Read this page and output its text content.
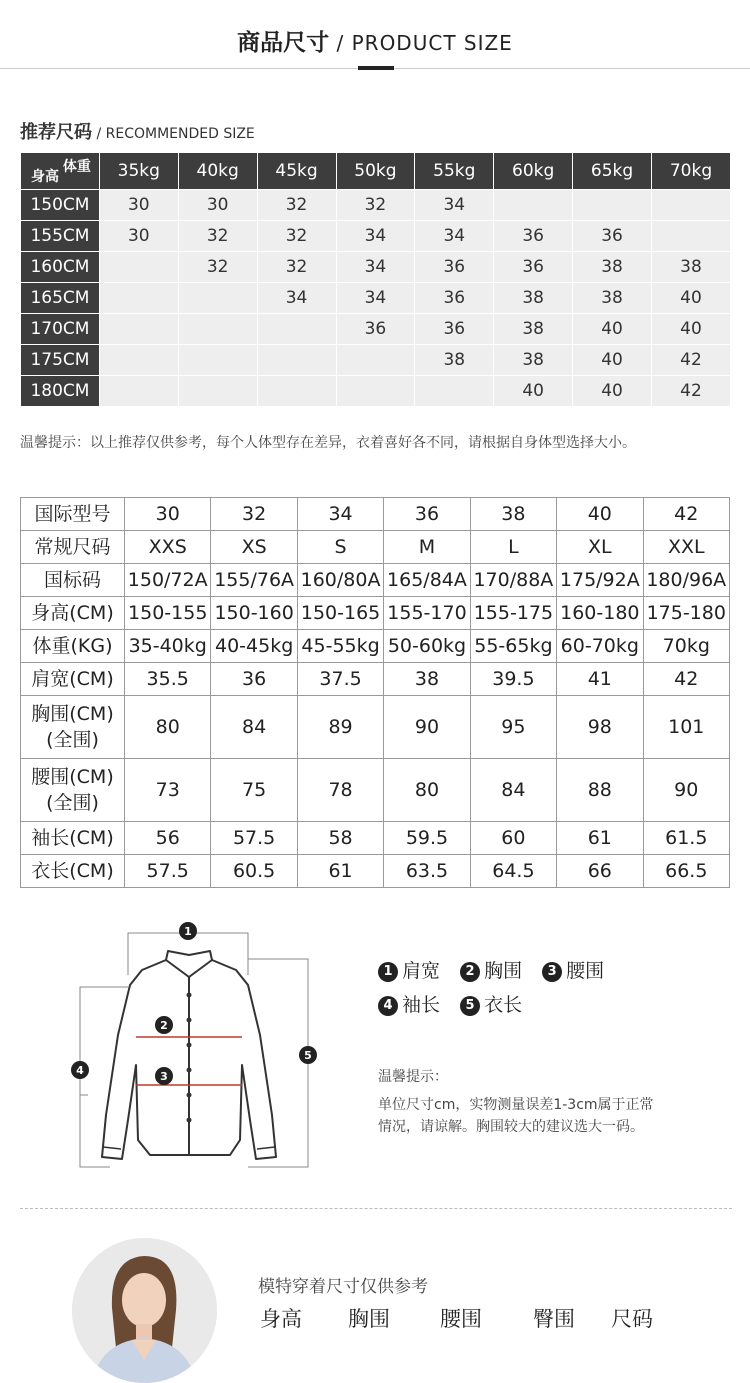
商品尺寸 / PRODUCT SIZE
推荐尺码 / RECOMMENDED SIZE
体重
身高	35kg	40kg	45kg	50kg	55kg	60kg	65kg	70kg
150CM	30	30	32	32	34			
155CM	30	32	32	34	34	36	36	
160CM		32	32	34	36	36	38	38
165CM			34	34	36	38	38	40
170CM				36	36	38	40	40
175CM					38	38	40	42
180CM						40	40	42
温馨提示：以上推荐仅供参考，每个人体型存在差异，衣着喜好各不同，请根据自身体型选择大小。
国际型号	30	32	34	36	38	40	42
常规尺码	XXS	XS	S	M	L	XL	XXL
国标码	150/72A	155/76A	160/80A	165/84A	170/88A	175/92A	180/96A
身高(CM)	150-155	150-160	150-165	155-170	155-175	160-180	175-180
体重(KG)	35-40kg	40-45kg	45-55kg	50-60kg	55-65kg	60-70kg	70kg
肩宽(CM)	35.5	36	37.5	38	39.5	41	42

胸围(CM)
(全围)	80	84	89	90	95	98	101

腰围(CM)
(全围)	73	75	78	80	84	88	90
袖长(CM)	56	57.5	58	59.5	60	61	61.5
衣长(CM)	57.5	60.5	61	63.5	64.5	66	66.5
1
2
3
4
5
1 肩宽 2 胸围 3 腰围
4 袖长 5 衣长
温馨提示：
单位尺寸cm，实物测量误差1-3cm属于正常
情况，请谅解。胸围较大的建议选大一码。
模特穿着尺寸仅供参考
身高 胸围 腰围 臀围 尺码
